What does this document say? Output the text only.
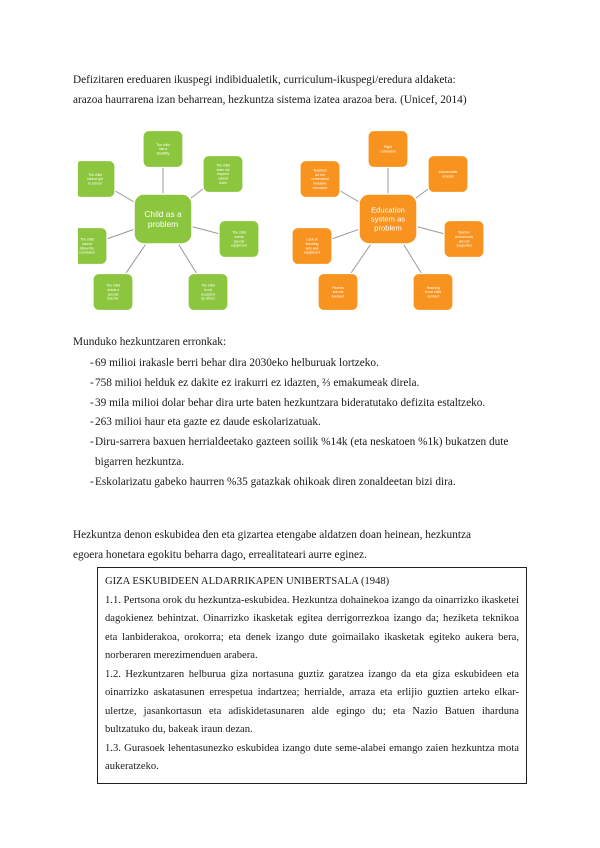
Defizitaren ereduaren ikuspegi indibidualetik, curriculum-ikuspegi/eredura aldaketa:
arazoa haurrarena izan beharrean, hezkuntza sistema izatea arazoa bera. (Unicef, 2014)

Child as a problem
The child has a disability
The child does not respond cannot learn
The child needs special equipment
The child is not accepted by others
The child needs a special teacher
The child cannot follow the curriculum
The child cannot get to school
Education system as problem
Rigid curriculum
Inaccessible schools
Teacher and schools are not supported
Teaching is not child centred
Parents are not involved
Lack of teaching aids and equipment
Teachers do not understand inclusive education

Munduko hezkuntzaren erronkak:

- 69 milioi irakasle berri behar dira 2030eko helburuak lortzeko.
- 758 milioi helduk ez dakite ez irakurri ez idazten, ⅔ emakumeak direla.
- 39 mila milioi dolar behar dira urte baten hezkuntzara bideratutako defizita estaltzeko.
- 263 milioi haur eta gazte ez daude eskolarizatuak.
- Diru-sarrera baxuen herrialdeetako gazteen soilik %14k (eta neskatoen %1k) bukatzen dute bigarren hezkuntza.
- Eskolarizatu gabeko haurren %35 gatazkak ohikoak diren zonaldeetan bizi dira.

Hezkuntza denon eskubidea den eta gizartea etengabe aldatzen doan heinean, hezkuntza
egoera honetara egokitu beharra dago, errealitateari aurre eginez.

GIZA ESKUBIDEEN ALDARRIKAPEN UNIBERTSALA (1948)

1.1. Pertsona orok du hezkuntza-eskubidea. Hezkuntza dohainekoa izango da oinarrizko ikasketei dagokienez behintzat. Oinarrizko ikasketak egitea derrigorrezkoa izango da; heziketa teknikoa eta lanbiderakoa, orokorra; eta denek izango dute goimailako ikasketak egiteko aukera bera, norberaren merezimenduen arabera.

1.2. Hezkuntzaren helburua giza nortasuna guztiz garatzea izango da eta giza eskubideen eta oinarrizko askatasunen errespetua indartzea; herrialde, arraza eta erlijio guztien arteko elkar-ulertze, jasankortasun eta adiskidetasunaren alde egingo du; eta Nazio Batuen iharduna bultzatuko du, bakeak iraun dezan.

1.3. Gurasoek lehentasunezko eskubidea izango dute seme-alabei emango zaien hezkuntza mota aukeratzeko.
